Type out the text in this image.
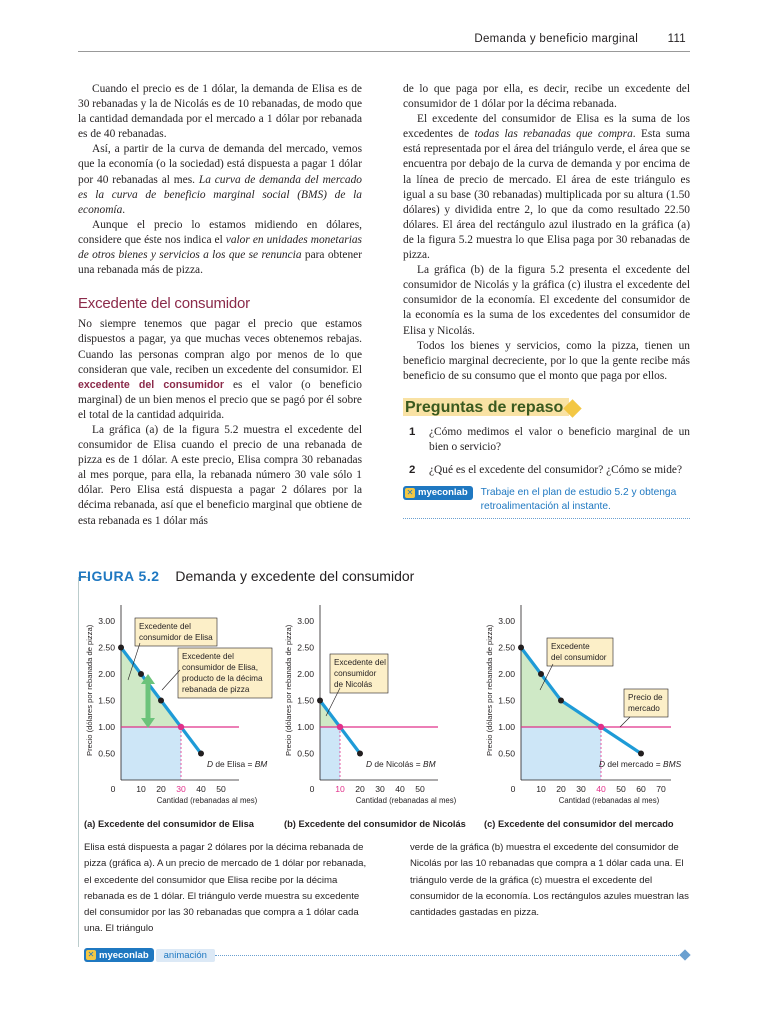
Demanda y beneficio marginal	111

Cuando el precio es de 1 dólar, la demanda de Elisa es de 30 rebanadas y la de Nicolás es de 10 rebanadas, de modo que la cantidad demandada por el mercado a 1 dólar por rebanada es de 40 rebanadas.

Así, a partir de la curva de demanda del mercado, vemos que la economía (o la sociedad) está dispuesta a pagar 1 dólar por 40 rebanadas al mes. La curva de demanda del mercado es la curva de beneficio marginal social (BMS) de la economía.

Aunque el precio lo estamos midiendo en dólares, considere que éste nos indica el valor en unidades monetarias de otros bienes y servicios a los que se renuncia para obtener una rebanada más de pizza.

Excedente del consumidor

No siempre tenemos que pagar el precio que estamos dispuestos a pagar, ya que muchas veces obtenemos rebajas. Cuando las personas compran algo por menos de lo que consideran que vale, reciben un excedente del consumidor. El excedente del consumidor es el valor (o beneficio marginal) de un bien menos el precio que se pagó por él sobre el total de la cantidad adquirida.

La gráfica (a) de la figura 5.2 muestra el excedente del consumidor de Elisa cuando el precio de una rebanada de pizza es de 1 dólar. A este precio, Elisa compra 30 rebanadas al mes porque, para ella, la rebanada número 30 vale sólo 1 dólar. Pero Elisa está dispuesta a pagar 2 dólares por la décima rebanada, así que el beneficio marginal que obtiene de esta rebanada es 1 dólar más

de lo que paga por ella, es decir, recibe un excedente del consumidor de 1 dólar por la décima rebanada.

El excedente del consumidor de Elisa es la suma de los excedentes de todas las rebanadas que compra. Esta suma está representada por el área del triángulo verde, el área que se encuentra por debajo de la curva de demanda y por encima de la línea de precio de mercado. El área de este triángulo es igual a su base (30 rebanadas) multiplicada por su altura (1.50 dólares) y dividida entre 2, lo que da como resultado 22.50 dólares. El área del rectángulo azul ilustrado en la gráfica (a) de la figura 5.2 muestra lo que Elisa paga por 30 rebanadas de pizza.

La gráfica (b) de la figura 5.2 presenta el excedente del consumidor de Nicolás y la gráfica (c) ilustra el excedente del consumidor de la economía. El excedente del consumidor de la economía es la suma de los excedentes del consumidor de Elisa y Nicolás.

Todos los bienes y servicios, como la pizza, tienen un beneficio marginal decreciente, por lo que la gente recibe más beneficio de su consumo que el monto que paga por ellos.

Preguntas de repaso
1	¿Cómo medimos el valor o beneficio marginal de un bien o servicio?
2	¿Qué es el excedente del consumidor? ¿Cómo se mide?
✕ myeconlab Trabaje en el plan de estudio 5.2 y obtenga retroalimentación al instante.
FIGURA 5.2 Demanda y excedente del consumidor
Precio (dólares por rebanada de pizza) 0.50
1.00
1.50
2.00
2.50
3.00
0 10 20 30 40 50
Cantidad (rebanadas al mes)
D de Elisa = BM
Precio (dólares por rebanada de pizza) 0.50
1.00
1.50
2.00
2.50
3.00
0 10 20 30 40 50
Cantidad (rebanadas al mes)
D de Nicolás = BM
Precio (dólares por rebanada de pizza) 0.50
1.00
1.50
2.00
2.50
3.00
0 10 20 30 40 50 60 70
Cantidad (rebanadas al mes)
D del mercado = BMS
Excedente del
consumidor de Elisa
Excedente del
consumidor de Elisa,
producto de la décima
rebanada de pizza
Excedente del
consumidor
de Nicolás
Excedente
del consumidor
Precio de
mercado
(a) Excedente del consumidor de Elisa	(b) Excedente del consumidor de Nicolás (c) Excedente del consumidor del mercado
Elisa está dispuesta a pagar 2 dólares por la décima rebanada de pizza (gráfica a). A un precio de mercado de 1 dólar por rebanada, el excedente del consumidor que Elisa recibe por la décima rebanada es de 1 dólar. El triángulo verde muestra su excedente del consumidor por las 30 rebanadas que compra a 1 dólar cada una. El triángulo
verde de la gráfica (b) muestra el excedente del consumidor de Nicolás por las 10 rebanadas que compra a 1 dólar cada una. El triángulo verde de la gráfica (c) muestra el excedente del consumidor de la economía. Los rectángulos azules muestran las cantidades gastadas en pizza.
✕ myeconlab	animación
